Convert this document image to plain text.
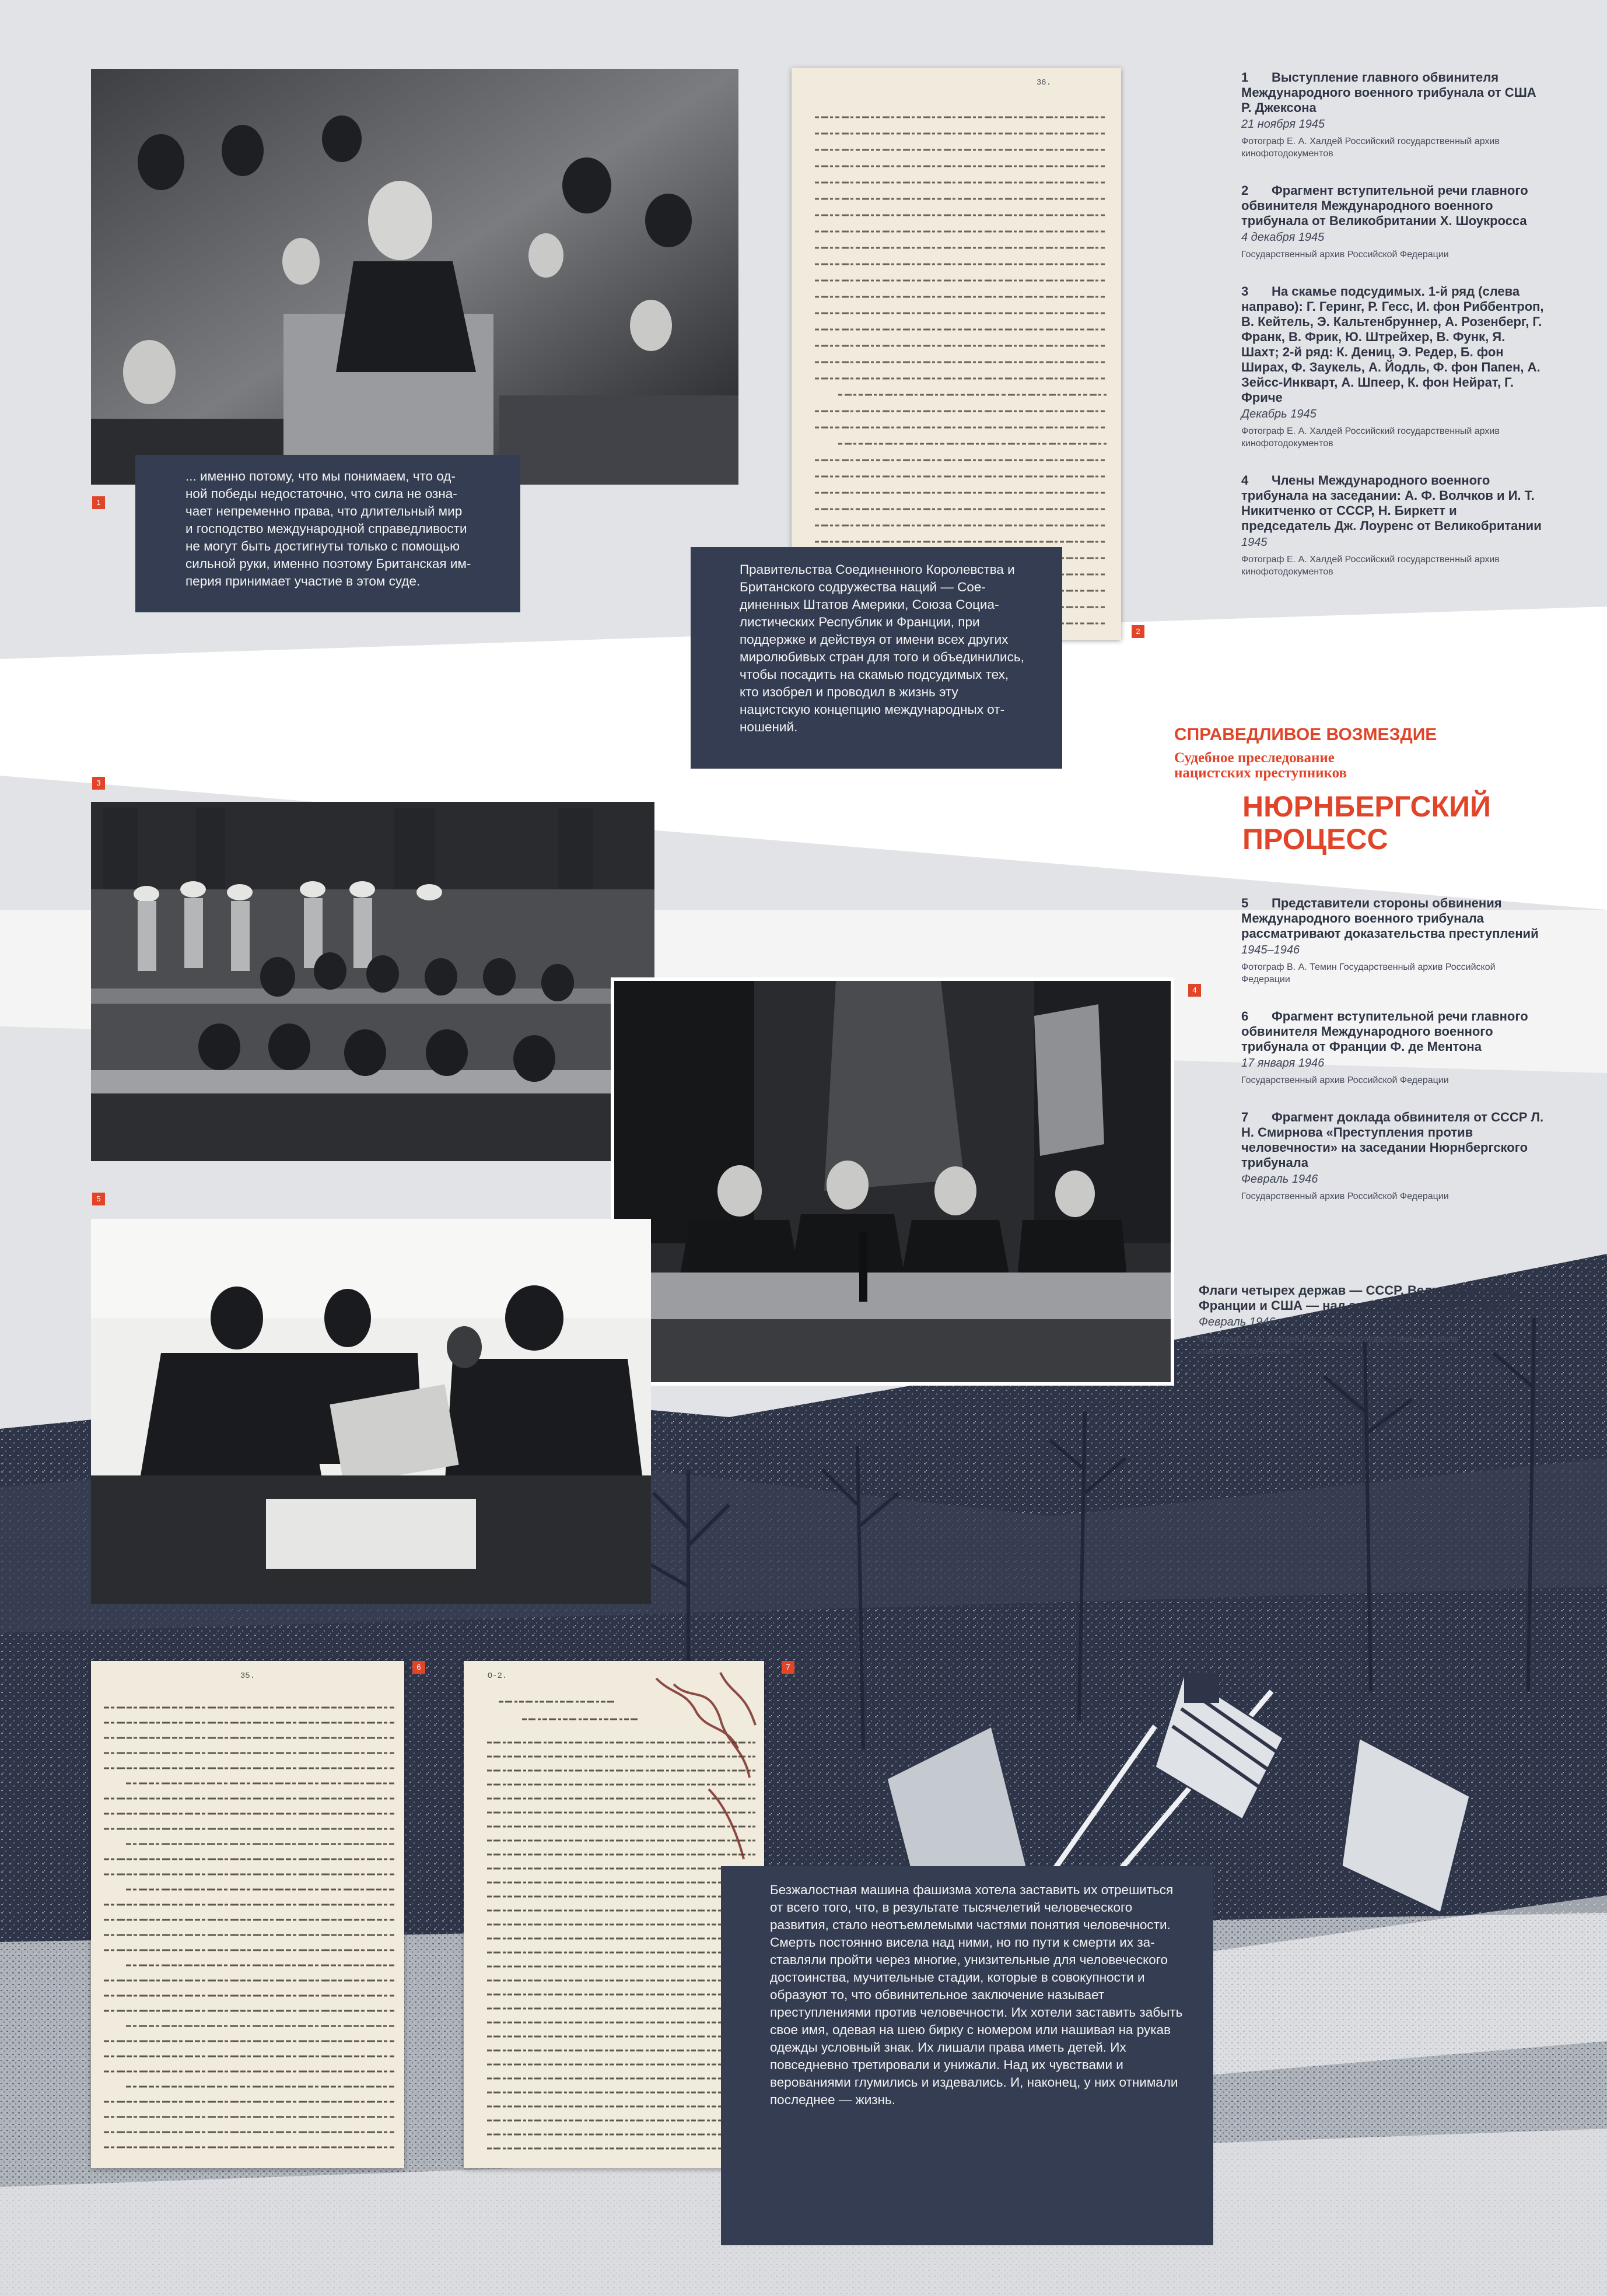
1

... именно потому, что мы понимаем, что одной победы недостаточно, что сила не означает непременно права, что длительный мир и господство международной справедливости не могут быть достигнуты только с помощью сильной руки, именно поэтому Британская империя принимает участие в этом суде.

36.
2

Правительства Соединенного Королевства и Британского содружества наций — Соединенных Штатов Америки, Союза Социалистических Республик и Франции, при поддержке и действуя от имени всех других миролюбивых стран для того и объединились, чтобы посадить на скамью подсудимых тех, кто изобрел и проводил в жизнь эту нацистскую концепцию международных отношений.	СПРАВЕДЛИВОЕ ВОЗМЕЗДИЕ
Судебное преследование нацистских преступников
НЮРНБЕРГСКИЙ ПРОЦЕСС

1 Выступление главного обвинителя Международного военного трибунала от США Р. Джексона

21 ноября 1945

Фотограф Е. А. Халдей Российский государственный архив кинофотодокументов

2 Фрагмент вступительной речи главного обвинителя Международного военного трибунала от Великобритании Х. Шоукросса

4 декабря 1945

Государственный архив Российской Федерации

3 На скамье подсудимых. 1-й ряд (слева направо): Г. Геринг, Р. Гесс, И. фон Риббентроп, В. Кейтель, Э. Кальтенбруннер, А. Розенберг, Г. Франк, В. Фрик, Ю. Штрейхер, В. Функ, Я. Шахт; 2-й ряд: К. Дениц, Э. Редер, Б. фон Ширах, Ф. Заукель, А. Йодль, Ф. фон Папен, А. Зейсс-Инкварт, А. Шпеер, К. фон Нейрат, Г. Фриче

Декабрь 1945

Фотограф Е. А. Халдей Российский государственный архив кинофотодокументов

4 Члены Международного военного трибунала на заседании: А. Ф. Волчков и И. Т. Никитченко от СССР, Н. Биркетт и председатель Дж. Лоуренс от Великобритании

1945

Фотограф Е. А. Халдей Российский государственный архив кинофотодокументов

3
4
5

5 Представители стороны обвинения Международного военного трибунала рассматривают доказательства преступлений

1945–1946

Фотограф В. А. Темин Государственный архив Российской Федерации

6 Фрагмент вступительной речи главного обвинителя Международного военного трибунала от Франции Ф. де Ментона

17 января 1946

Государственный архив Российской Федерации

7 Фрагмент доклада обвинителя от СССР Л. Н. Смирнова «Преступления против человечности» на заседании Нюрнбергского трибунала

Февраль 1946

Государственный архив Российской Федерации

Флаги четырех держав — СССР, Великобритании, Франции и США — над зданием Дворца юстиции

Февраль 1946

Фотограф Е. А. Халдей Российский государственный архив кинофотодокументов

35.
6
О-2.
7

Безжалостная машина фашизма хотела заставить их отрешиться от всего того, что, в результате тысячелетий человеческого развития, стало неотъемлемыми частями понятия человечности. Смерть постоянно висела над ними, но по пути к смерти их заставляли пройти через многие, унизительные для человеческого достоинства, мучительные стадии, которые в совокупности и образуют то, что обвинительное заключение называет преступлениями против человечности. Их хотели заставить забыть свое имя, одевая на шею бирку с номером или нашивая на рукав одежды условный знак. Их лишали права иметь детей. Их повседневно третировали и унижали. Над их чувствами и верованиями глумились и издевались. И, наконец, у них отнимали последнее — жизнь.
